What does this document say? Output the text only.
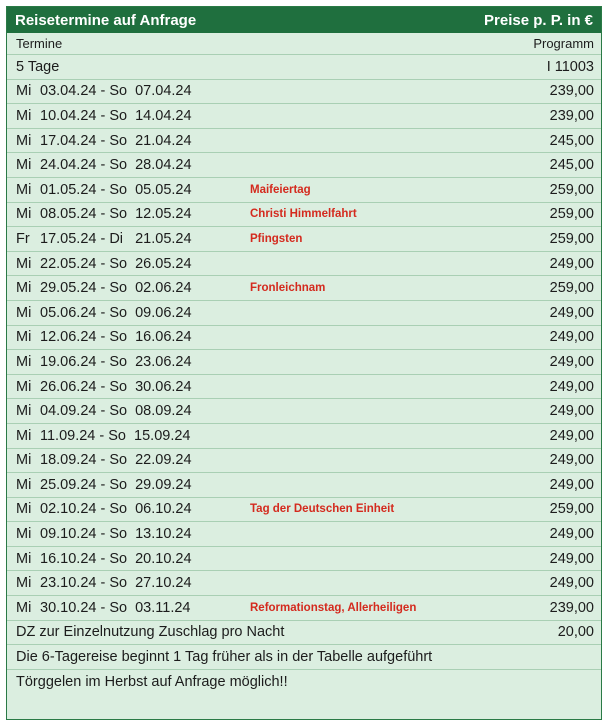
Reisetermine auf Anfrage	Preise p. P. in €
Termine	Programm
5 Tage	I 11003
Mi 03.04.24 - So  07.04.24	239,00
Mi 10.04.24 - So  14.04.24	239,00
Mi 17.04.24 - So  21.04.24	245,00
Mi 24.04.24 - So  28.04.24	245,00
Mi 01.05.24 - So  05.05.24	Maifeiertag	259,00
Mi 08.05.24 - So  12.05.24	Christi Himmelfahrt	259,00
Fr 17.05.24 - Di   21.05.24	Pfingsten	259,00
Mi 22.05.24 - So  26.05.24	249,00
Mi 29.05.24 - So  02.06.24	Fronleichnam	259,00
Mi 05.06.24 - So  09.06.24	249,00
Mi 12.06.24 - So  16.06.24	249,00
Mi 19.06.24 - So  23.06.24	249,00
Mi 26.06.24 - So  30.06.24	249,00
Mi 04.09.24 - So  08.09.24	249,00
Mi 11.09.24 - So  15.09.24	249,00
Mi 18.09.24 - So  22.09.24	249,00
Mi 25.09.24 - So  29.09.24	249,00
Mi 02.10.24 - So  06.10.24	Tag der Deutschen Einheit	259,00
Mi 09.10.24 - So  13.10.24	249,00
Mi 16.10.24 - So  20.10.24	249,00
Mi 23.10.24 - So  27.10.24	249,00
Mi 30.10.24 - So  03.11.24	Reformationstag, Allerheiligen	239,00
DZ zur Einzelnutzung Zuschlag pro Nacht	20,00
Die 6-Tagereise beginnt 1 Tag früher als in der Tabelle aufgeführt
Törggelen im Herbst auf Anfrage möglich!!
